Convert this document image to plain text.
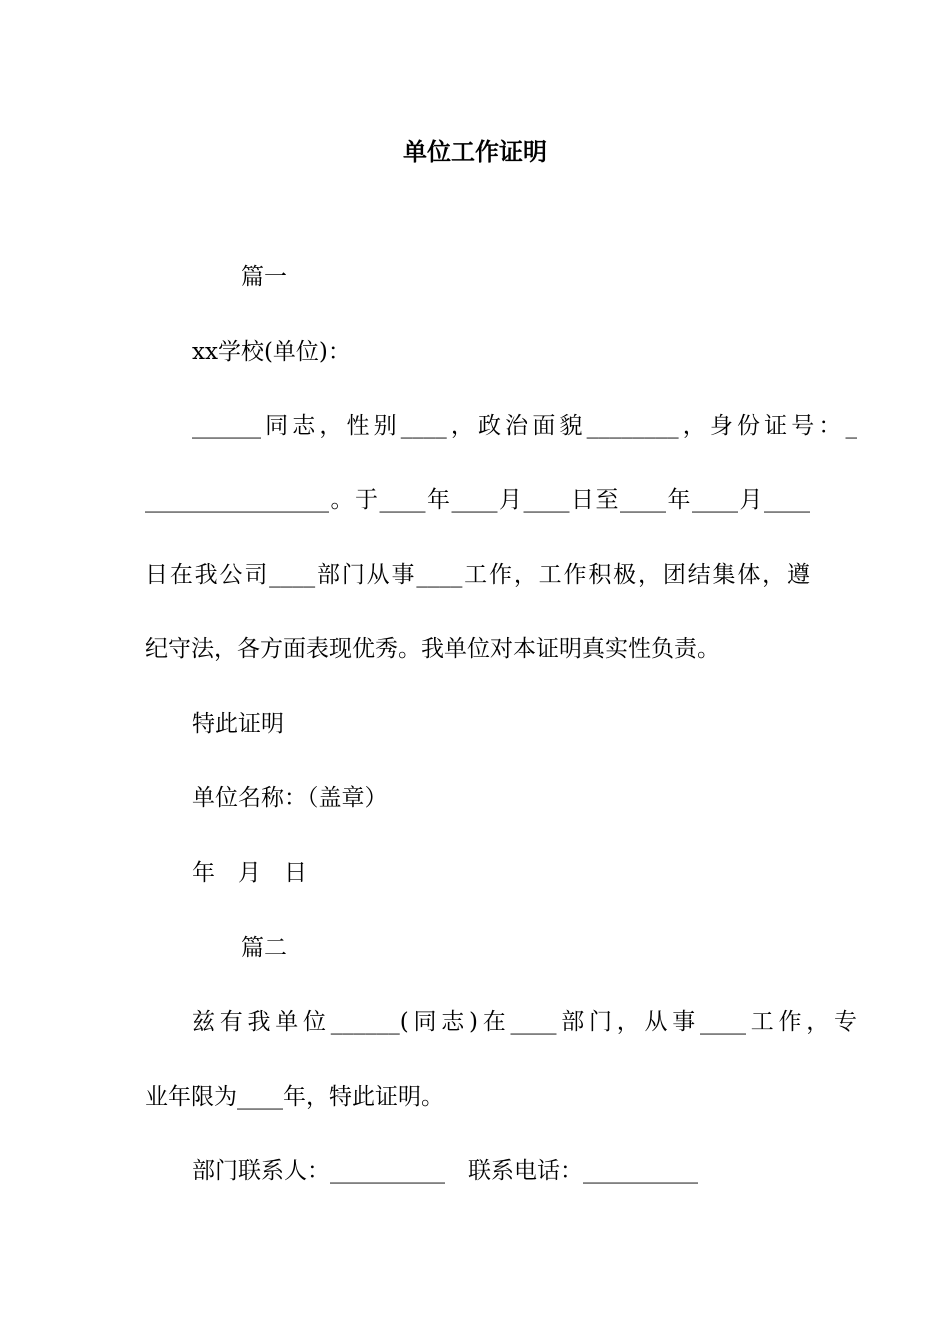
单位工作证明
篇一
xx学校(单位)：
______同志，性别____，政治面貌________，身份证号：_
________________。于____年____月____日至____年____月____
日在我公司____部门从事____工作，工作积极，团结集体，遵
纪守法，各方面表现优秀。我单位对本证明真实性负责。
特此证明
单位名称：（盖章）
年　月　日
篇二
兹有我单位______(同志)在____部门，从事____工作，专
业年限为____年，特此证明。
部门联系人：__________　联系电话：__________
